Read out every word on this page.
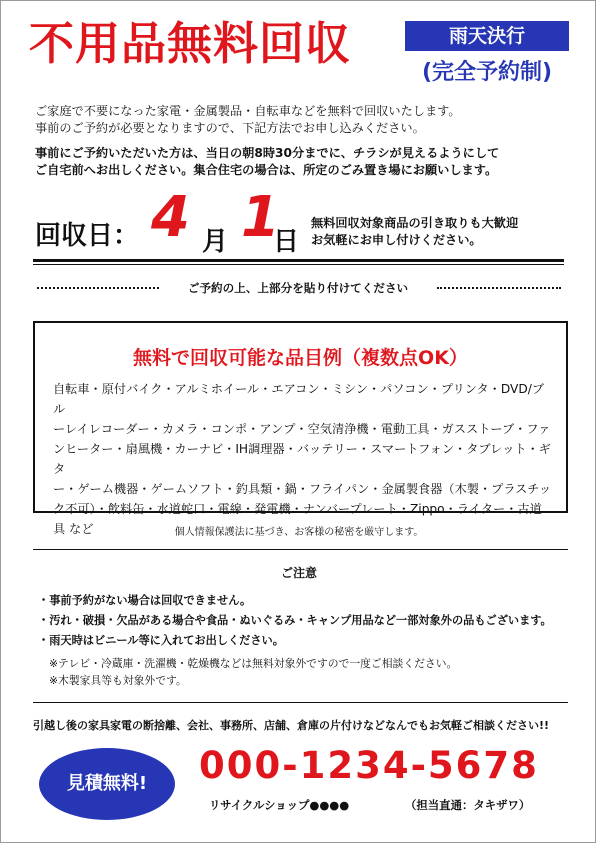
不用品無料回収	雨天決行
(完全予約制)
ご家庭で不要になった家電・金属製品・自転車などを無料で回収いたします。
事前のご予約が必要となりますので、下記方法でお申し込みください。
事前にご予約いただいた方は、当日の朝8時30分までに、チラシが見えるようにして
ご自宅前へお出しください。集合住宅の場合は、所定のごみ置き場にお願いします。
回収日： 4 月 1
日
無料回収対象商品の引き取りも大歓迎
お気軽にお申し付けください。
ご予約の上、上部分を貼り付けてください
無料で回収可能な品目例（複数点OK）
自転車・原付バイク・アルミホイール・エアコン・ミシン・パソコン・プリンタ・DVD/ブル
ーレイレコーダー・カメラ・コンポ・アンプ・空気清浄機・電動工具・ガスストーブ・ファ
ンヒーター・扇風機・カーナビ・IH調理器・バッテリー・スマートフォン・タブレット・ギタ
ー・ゲーム機器・ゲームソフト・釣具類・鍋・フライパン・金属製食器（木製・プラスチッ
ク不可）・飲料缶・水道蛇口・電線・発電機・ナンバープレート・Zippo・ライター・古道
具 など	個人情報保護法に基づき、お客様の秘密を厳守します。
ご注意
・事前予約がない場合は回収できません。
・汚れ・破損・欠品がある場合や食品・ぬいぐるみ・キャンプ用品など一部対象外の品もございます。
・雨天時はビニール等に入れてお出しください。
※テレビ・冷蔵庫・洗濯機・乾燥機などは無料対象外ですので一度ご相談ください。
※木製家具等も対象外です。
引越し後の家具家電の断捨離、会社、事務所、店舗、倉庫の片付けなどなんでもお気軽ご相談ください!!
見積無料!	000-1234-5678
リサイクルショップ●●●●	（担当直通：タキザワ）
